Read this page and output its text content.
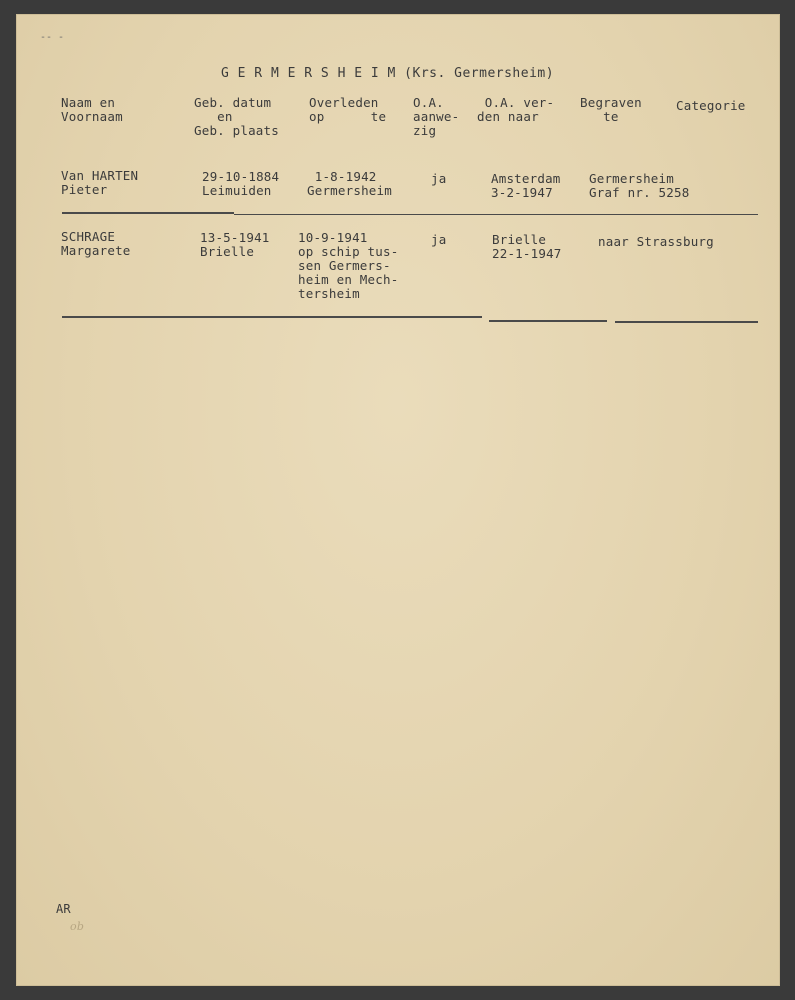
-- -
G E R M E R S H E I M (Krs. Germersheim)
Naam en
Voornaam
Geb. datum
en
Geb. plaats
Overleden
op      te
O.A.
aanwe-
zig
O.A. ver-
den naar
Begraven
te
Categorie
Van HARTEN
Pieter
29-10-1884
Leimuiden
1-8-1942
Germersheim
ja	Amsterdam
3-2-1947
Germersheim
Graf nr. 5258
SCHRAGE
Margarete
13-5-1941
Brielle
10-9-1941
op schip tus-
sen Germers-
heim en Mech-
tersheim
ja	Brielle
22-1-1947
naar Strassburg
AR
ob
